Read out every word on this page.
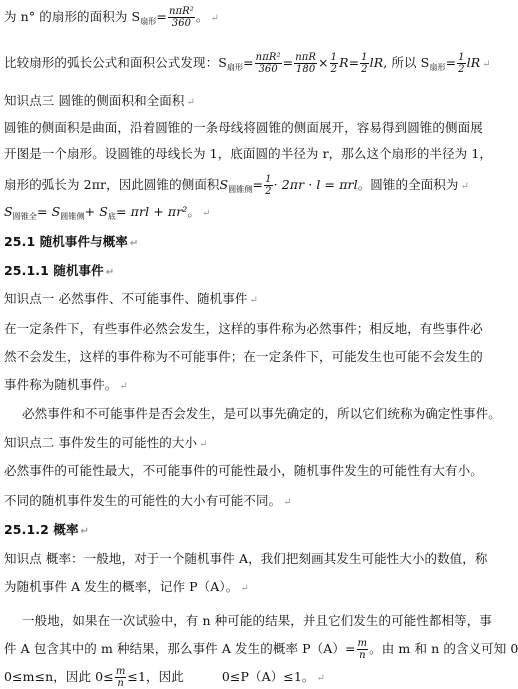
为 n° 的扇形的面积为 $S_{扇形}= n\pi R^2$
360 。 ↵
比较扇形的弧长公式和面积公式发现：$S_{扇形}= n\pi R^2$
360 = nπR
$180 \times \frac{1}{2} R= \frac{1}{2}$ lR, 所以 $S_{扇形}= \frac{1}{2}$ lR ↵
知识点三 圆锥的侧面积和全面积 ↵
圆锥的侧面积是曲面，沿着圆锥的一条母线将圆锥的侧面展开，容易得到圆锥的侧面展
开图是一个扇形。设圆锥的母线长为 1，底面圆的半径为 r，那么这个扇形的半径为 1，
扇形的弧长为 2πr，因此圆锥的侧面积$S_{圆锥侧}= \frac{1}{2} \cdot 2\pi r \cdot l = \pi rl$。圆锥的全面积为 ↵
$S_{圆锥全}= S_{圆锥侧}+ S_底= \pi rl + \pi r^2$。 ↵
25.1 随机事件与概率 ↵
25.1.1 随机事件 ↵
知识点一 必然事件、不可能事件、随机事件 ↵
在一定条件下，有些事件必然会发生，这样的事件称为必然事件；相反地，有些事件必
然不会发生，这样的事件称为不可能事件；在一定条件下，可能发生也可能不会发生的
事件称为随机事件。 ↵
必然事件和不可能事件是否会发生，是可以事先确定的，所以它们统称为确定性事件。
知识点二 事件发生的可能性的大小 ↵
必然事件的可能性最大，不可能事件的可能性最小，随机事件发生的可能性有大有小。
不同的随机事件发生的可能性的大小有可能不同。 ↵
25.1.2 概率 ↵
知识点 概率：一般地，对于一个随机事件 A，我们把刻画其发生可能性大小的数值，称
为随机事件 A 发生的概率，记作 P（A）。 ↵
一般地，如果在一次试验中，有 n 种可能的结果，并且它们发生的可能性都相等，事
件 A 包含其中的 m 种结果，那么事件 A 发生的概率 $P(A)= \frac{m}{n}$ 。由 m 和 n 的含义可知 0
0≤m≤n，因此 $0\le \frac{m}{n} \le 1$，因此	0≤P（A）≤1。 ↵
